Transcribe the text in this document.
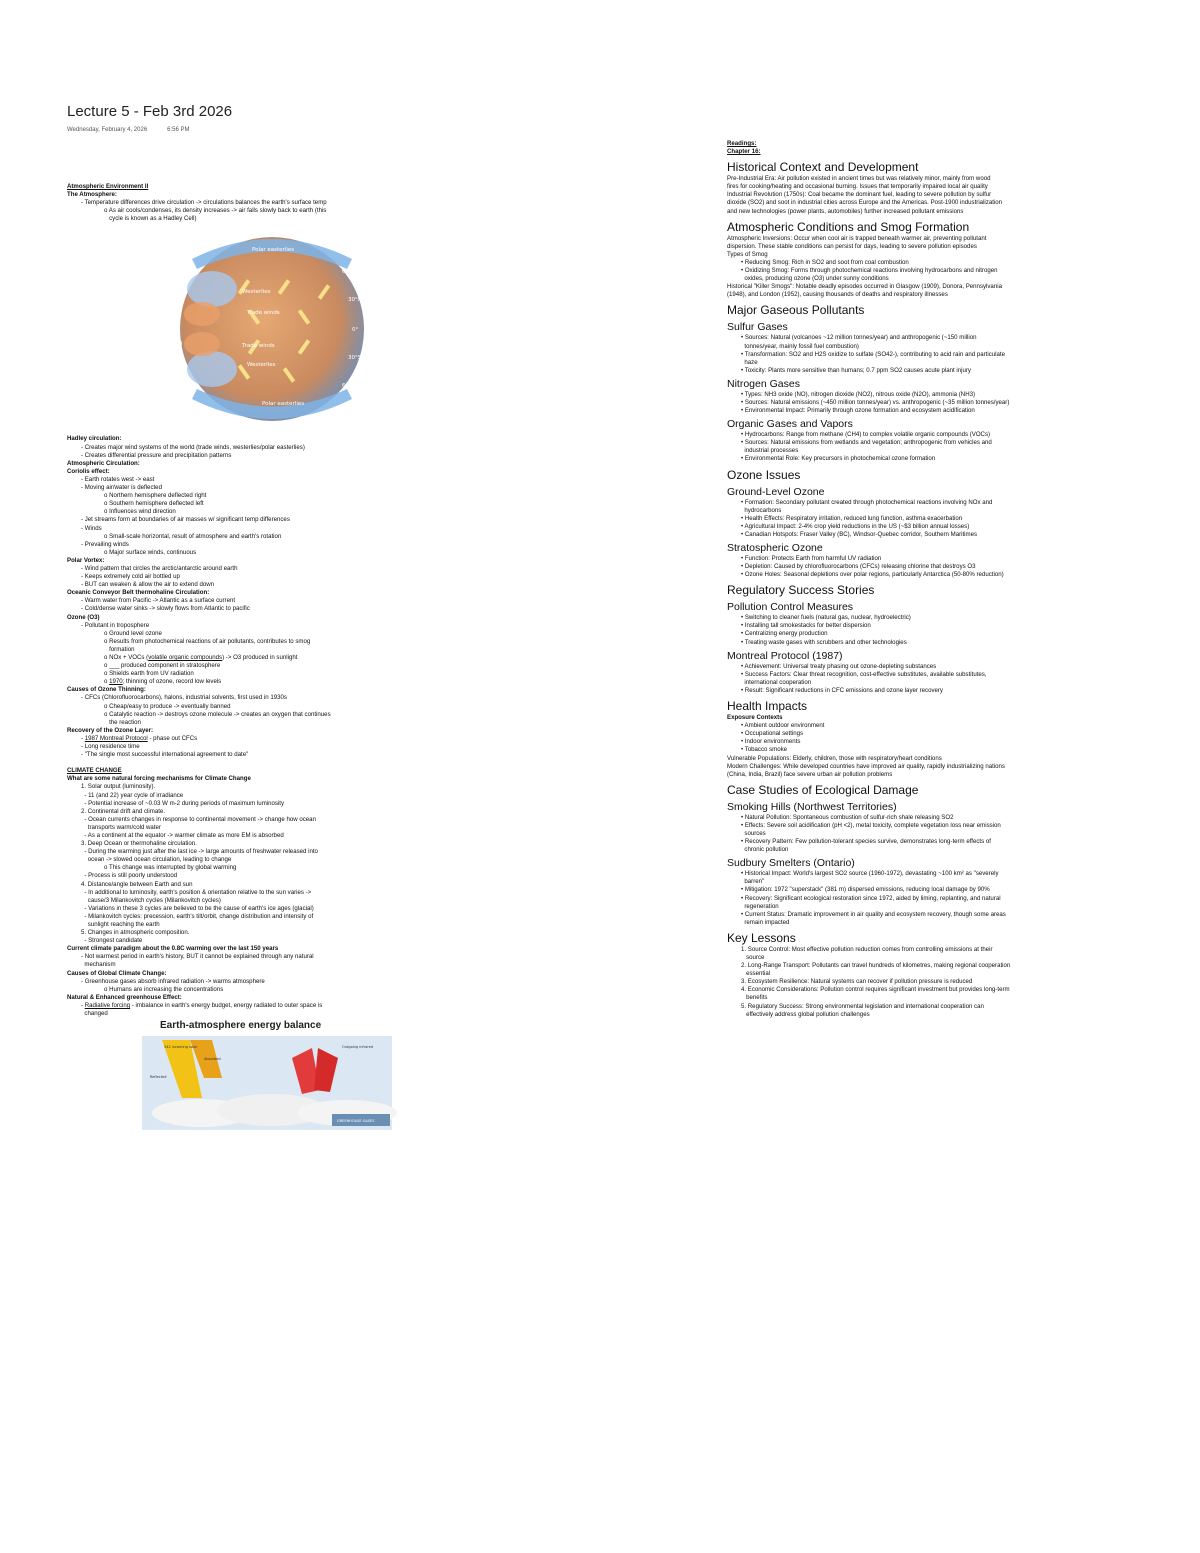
Lecture 5 - Feb 3rd 2026
Wednesday, February 4, 2026	6:56 PM
Atmospheric Environment II
The Atmosphere:
- Temperature differences drive circulation -> circulations balances the earth's surface temp
o As air cools/condenses, its density increases -> air falls slowly back to earth (this
cycle is known as a Hadley Cell)
Polar cell
Polar easterlies
Ferrel cell
Westerlies
Hadley cell	Trade winds
Hadley cell	Trade winds
Westerlies
Ferrel cell
Polar easterlies
Polar cell
60°N
30°N
0°
30°S
60°S
Hadley circulation:
- Creates major wind systems of the world (trade winds, westerlies/polar easterlies)
- Creates differential pressure and precipitation patterns
Atmospheric Circulation:
Coriolis effect:
- Earth rotates west -> east
- Moving air/water is deflected
o Northern hemisphere deflected right
o Southern hemisphere deflected left
o Influences wind direction
- Jet streams form at boundaries of air masses w/ significant temp differences
- Winds
o Small-scale horizontal, result of atmosphere and earth's rotation
- Prevailing winds
o Major surface winds, continuous
Polar Vortex:
- Wind pattern that circles the arctic/antarctic around earth
- Keeps extremely cold air bottled up
- BUT can weaken & allow the air to extend down
Oceanic Conveyor Belt thermohaline Circulation:
- Warm water from Pacific -> Atlantic as a surface current
- Cold/dense water sinks -> slowly flows from Atlantic to pacific
Ozone (O3)
- Pollutant in troposphere
o Ground level ozone
o Results from photochemical reactions of air pollutants, contributes to smog
formation
o NOx + VOCs (volatile organic compounds) -> O3 produced in sunlight
o ___ produced component in stratosphere
o Shields earth from UV radiation
o 1970; thinning of ozone, record low levels
Causes of Ozone Thinning:
- CFCs (Chlorofluorocarbons), halons, industrial solvents, first used in 1930s
o Cheap/easy to produce -> eventually banned
o Catalytic reaction -> destroys ozone molecule -> creates an oxygen that continues
the reaction
Recovery of the Ozone Layer:
- 1987 Montreal Protocol - phase out CFCs
- Long residence time
- "The single most successful international agreement to date"
CLIMATE CHANGE
What are some natural forcing mechanisms for Climate Change
1. Solar output (luminosity).
- 11 (and 22) year cycle of irradiance
- Potential increase of ~0.03 W m-2 during periods of maximum luminosity
2. Continental drift and climate.
- Ocean currents changes in response to continental movement -> change how ocean
transports warm/cold water
- As a continent at the equator -> warmer climate as more EM is absorbed
3. Deep Ocean or thermohaline circulation.
- During the warming just after the last ice -> large amounts of freshwater released into
ocean -> slowed ocean circulation, leading to change
o This change was interrupted by global warming
- Process is still poorly understood
4. Distance/angle between Earth and sun
- In additional to luminosity, earth's position & orientation relative to the sun varies ->
cause/3 Milankovitch cycles (Milankovitch cycles)
- Variations in these 3 cycles are believed to be the cause of earth's ice ages (glacial)
- Milankovitch cycles: precession, earth's tilt/orbit, change distribution and intensity of
sunlight reaching the earth
5. Changes in atmospheric composition.
- Strongest candidate
Current climate paradigm about the 0.8C warming over the last 150 years
- Not warmest period in earth's history, BUT it cannot be explained through any natural
mechanism
Causes of Global Climate Change:
- Greenhouse gases absorb infrared radiation -> warms atmosphere
o Humans are increasing the concentrations
Natural & Enhanced greenhouse Effect:
- Radiative forcing - imbalance in earth's energy budget, energy radiated to outer space is
changed
Earth-atmosphere energy balance
342 incoming solar
Reflected
Absorbed
Outgoing infrared
GREENHOUSE GASES
Readings:
Chapter 16:
Historical Context and Development
Pre-Industrial Era: Air pollution existed in ancient times but was relatively minor, mainly from wood
fires for cooking/heating and occasional burning. Issues that temporarily impaired local air quality
Industrial Revolution (1750s): Coal became the dominant fuel, leading to severe pollution by sulfur
dioxide (SO2) and soot in industrial cities across Europe and the Americas. Post-1900 industrialization
and new technologies (power plants, automobiles) further increased pollutant emissions
Atmospheric Conditions and Smog Formation
Atmospheric Inversions: Occur when cool air is trapped beneath warmer air, preventing pollutant
dispersion. These stable conditions can persist for days, leading to severe pollution episodes
Types of Smog
• Reducing Smog: Rich in SO2 and soot from coal combustion
• Oxidizing Smog: Forms through photochemical reactions involving hydrocarbons and nitrogen
oxides, producing ozone (O3) under sunny conditions
Historical "Killer Smogs": Notable deadly episodes occurred in Glasgow (1909), Donora, Pennsylvania
(1948), and London (1952), causing thousands of deaths and respiratory illnesses
Major Gaseous Pollutants
Sulfur Gases
• Sources: Natural (volcanoes ~12 million tonnes/year) and anthropogenic (~150 million
tonnes/year, mainly fossil fuel combustion)
• Transformation: SO2 and H2S oxidize to sulfate (SO42-), contributing to acid rain and particulate
haze
• Toxicity: Plants more sensitive than humans; 0.7 ppm SO2 causes acute plant injury
Nitrogen Gases
• Types: NH3 oxide (NO), nitrogen dioxide (NO2), nitrous oxide (N2O), ammonia (NH3)
• Sources: Natural emissions (~450 million tonnes/year) vs. anthropogenic (~35 million tonnes/year)
• Environmental Impact: Primarily through ozone formation and ecosystem acidification
Organic Gases and Vapors
• Hydrocarbons: Range from methane (CH4) to complex volatile organic compounds (VOCs)
• Sources: Natural emissions from wetlands and vegetation; anthropogenic from vehicles and
industrial processes
• Environmental Role: Key precursors in photochemical ozone formation
Ozone Issues
Ground-Level Ozone
• Formation: Secondary pollutant created through photochemical reactions involving NOx and
hydrocarbons
• Health Effects: Respiratory irritation, reduced lung function, asthma exacerbation
• Agricultural Impact: 2-4% crop yield reductions in the US (~$3 billion annual losses)
• Canadian Hotspots: Fraser Valley (BC), Windsor-Quebec corridor, Southern Maritimes
Stratospheric Ozone
• Function: Protects Earth from harmful UV radiation
• Depletion: Caused by chlorofluorocarbons (CFCs) releasing chlorine that destroys O3
• Ozone Holes: Seasonal depletions over polar regions, particularly Antarctica (50-80% reduction)
Regulatory Success Stories
Pollution Control Measures
• Switching to cleaner fuels (natural gas, nuclear, hydroelectric)
• Installing tall smokestacks for better dispersion
• Centralizing energy production
• Treating waste gases with scrubbers and other technologies
Montreal Protocol (1987)
• Achievement: Universal treaty phasing out ozone-depleting substances
• Success Factors: Clear threat recognition, cost-effective substitutes, available substitutes,
international cooperation
• Result: Significant reductions in CFC emissions and ozone layer recovery
Health Impacts
Exposure Contexts
• Ambient outdoor environment
• Occupational settings
• Indoor environments
• Tobacco smoke
Vulnerable Populations: Elderly, children, those with respiratory/heart conditions
Modern Challenges: While developed countries have improved air quality, rapidly industrializing nations
(China, India, Brazil) face severe urban air pollution problems
Case Studies of Ecological Damage
Smoking Hills (Northwest Territories)
• Natural Pollution: Spontaneous combustion of sulfur-rich shale releasing SO2
• Effects: Severe soil acidification (pH <2), metal toxicity, complete vegetation loss near emission
sources
• Recovery Pattern: Few pollution-tolerant species survive, demonstrates long-term effects of
chronic pollution
Sudbury Smelters (Ontario)
• Historical Impact: World's largest SO2 source (1960-1972), devastating ~100 km² as "severely
barren"
• Mitigation: 1972 "superstack" (381 m) dispersed emissions, reducing local damage by 90%
• Recovery: Significant ecological restoration since 1972, aided by liming, replanting, and natural
regeneration
• Current Status: Dramatic improvement in air quality and ecosystem recovery, though some areas
remain impacted
Key Lessons
1. Source Control: Most effective pollution reduction comes from controlling emissions at their
source
2. Long-Range Transport: Pollutants can travel hundreds of kilometres, making regional cooperation
essential
3. Ecosystem Resilience: Natural systems can recover if pollution pressure is reduced
4. Economic Considerations: Pollution control requires significant investment but provides long-term
benefits
5. Regulatory Success: Strong environmental legislation and international cooperation can
effectively address global pollution challenges
